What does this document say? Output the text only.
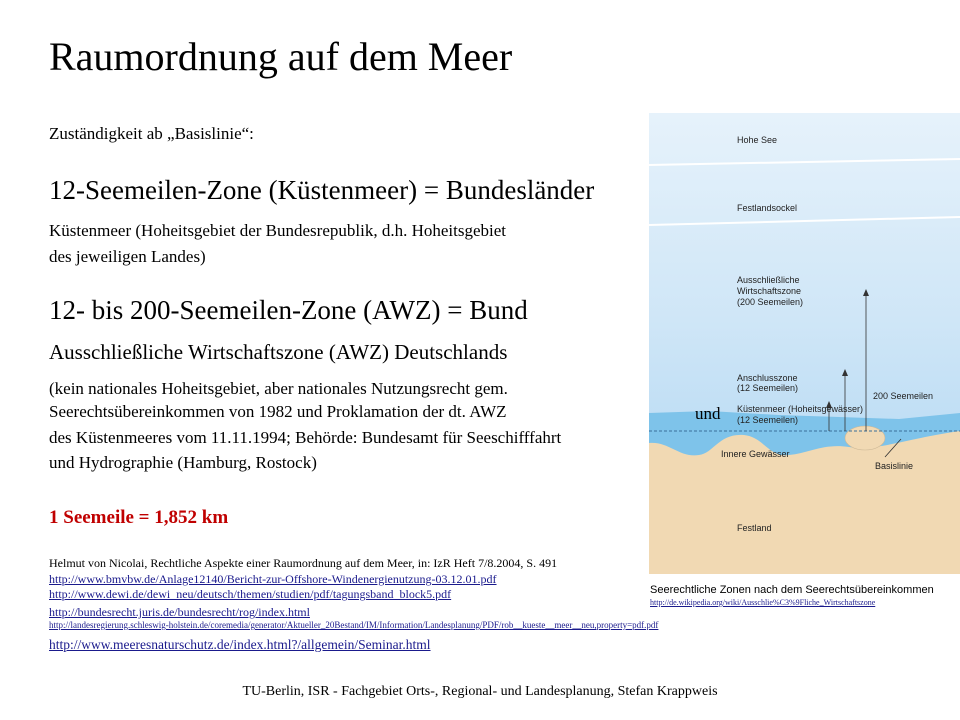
Raumordnung auf dem Meer
Zuständigkeit ab „Basislinie“:
12-Seemeilen-Zone (Küstenmeer) = Bundesländer
Küstenmeer (Hoheitsgebiet der Bundesrepublik, d.h. Hoheitsgebiet
des jeweiligen Landes)
12- bis 200-Seemeilen-Zone (AWZ) = Bund
Ausschließliche Wirtschaftszone (AWZ) Deutschlands
(kein nationales Hoheitsgebiet, aber nationales Nutzungsrecht gem.
Seerechtsübereinkommen von 1982 und Proklamation der dt. AWZ
des Küstenmeeres vom 11.11.1994; Behörde: Bundesamt für Seeschifffahrt
und Hydrographie (Hamburg, Rostock)
1 Seemeile = 1,852 km
Helmut von Nicolai, Rechtliche Aspekte einer Raumordnung auf dem Meer, in: IzR Heft 7/8.2004, S. 491
http://www.bmvbw.de/Anlage12140/Bericht-zur-Offshore-Windenergienutzung-03.12.01.pdf
http://www.dewi.de/dewi_neu/deutsch/themen/studien/pdf/tagungsband_block5.pdf
http://bundesrecht.juris.de/bundesrecht/rog/index.html
http://landesregierung.schleswig-holstein.de/coremedia/generator/Aktueller_20Bestand/IM/Information/Landesplanung/PDF/rob__kueste__meer__neu,property=pdf.pdf
http://www.meeresnaturschutz.de/index.html?/allgemein/Seminar.html
Hohe See
Festlandsockel
Ausschließliche
Wirtschaftszone
(200 Seemeilen)
Anschlusszone
(12 Seemeilen)
200 Seemeilen
Küstenmeer (Hoheitsgewässer)
(12 Seemeilen)
Innere Gewässer
Basislinie
Festland
Seerechtliche Zonen nach dem Seerechtsübereinkommen
http://de.wikipedia.org/wiki/Ausschlie%C3%9Fliche_Wirtschaftszone
und
TU-Berlin, ISR - Fachgebiet Orts-, Regional- und Landesplanung, Stefan Krappweis
